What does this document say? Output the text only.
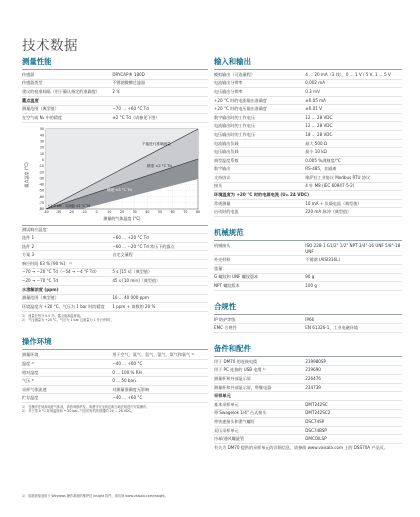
技术数据
测量性能
传感器	DRYCAP® 180D
传感器类型	不锈钢微槽过滤器
建议的校准间隔（用于确认指定的准确度）	2 年
露点温度
测量范围（典型值）	−70 ... +60 °C Td
在空气或 N₂ 中的精度	±2 °C Td（请参见下图）
不能进行准确测量
精度 ±2 °C Td
精度 ±3 °C Td
50
40
30
20
10
0
-10
-20
-30
-40
-50
-60
-70
-80
-40 -30 -20 -10	0	10	20	30	40	50	60	70	80
露点温度 (°C)
测量的气体温度 (°C)
* 1.0 bar - 实测值 ±2 °C Td
测试响应温度：
选件 1	−60 ... +20 °C Td
选件 2	−60 ... −20 °C Td 常压下的露点
方案 3	自定义量程
响应时间 63 % [90 %]：¹⁾
−70 → −20 °C Td（−54 → −4 °F Td）	5 s [15 s]（典型值）
−20 → −70 °C Td	45 s [10 min]（典型值）
水溶解浓度 (ppm)
测量范围（典型值）	10 ... 40 000 ppm
环境温度为 +20 °C、气压为 1 bar 时的精度	1 ppm + 读数的 20 %
1） 流量在每分 0.5 升。露点值和温度值。
2） 气压测量为 +20 °C，气压为 1 bar 且流量为 1 升/分钟时。
操作环境
测量环境	用于空气、氮气、氢气、氩气、氦气和氧气 ¹⁾
温度 ²⁾	−40 ... +60 °C
相对湿度	0 ... 100 % RH
气压 ³⁾	0 ... 50 barₐ
采样气体流速	对测量准确度无影响
贮存温度	−40 ... +60 °C
1） 在操作任何高纯度气体前，请咨询维萨拉。请遵守安全规定和当地法规进行安装操作。
2） 对于带 0 °C 环境温度和 + 20 barₐ 气压的有机传感器的 24 ... 28 VDC。
输入和输出
模拟输出（可选量程）	4 ... 20 mA（3 线），0 ... 1 V / 5 V, 1 ... 5 V
电流输出分辨率	0.002 mA
电压输出分辨率	0.3 mV
+20 °C 时的电流输出准确度	±0.05 mA
+20 °C 时的电压输出准确度	±0.01 V
数字输出时的工作电压	12 ... 28 VDC
电流输出时的工作电压	12 ... 28 VDC
电压输出时的工作电压	18 ... 28 VDC
电流输出负载	最大 500 Ω
电压输出负载	最小 10 kΩ
典型温度系数	0.005 %满刻度/°C
数字输出	RS-485，非隔离
支持协议	维萨拉工业协议 Modbus RTU 协议
接头	4 针 M8 (IEC 60947-5-2)
环境温度为 +20 °C 时的电源电流 (Uᵢₙ 24 VDC)
常规测量	10 mA + 负载电流（典型值）
启动时的电流	220 mA 脉冲（典型值）
机械规范
机械接头	ISO 228-1 G1/2" 1/2" NPT 3/4"-16 UNF 5/8"-18 UNF
外壳材料	不锈钢 (AISI316L)
重量：
G 螺纹和 UNF 螺纹版本	90 g
NPT 螺纹版本	100 g
合规性
IP 防护等级	IP66
EMC 合规性	EN 61326-1，工业电磁环境
备件和配件
用于 DM70 的连接电缆	219980SP
用于 PC 连接的 USB 电缆 ¹⁾	219690
测量杯和外部显示屏	226476
测量杯和外部显示屏，带继电器	234739
采样单元
基本采样单元	DMT242SC
带 Swagelok 1/4" 凸式接头	DMT242SC2
带快速接头和泄气螺钉	DSC74SP
双压采样单元	DSC74BSP
冷却/通风螺旋管	DMCOILSP
有关为 DM70 提供的采样单元的详细信息，请参阅 www.vaisala.com 上的 DSS70A 产品页。
1） 如需获取适用于 Windows 操作系统的维萨拉 Insight 软件，请访问 www.vaisala.com/insight。
